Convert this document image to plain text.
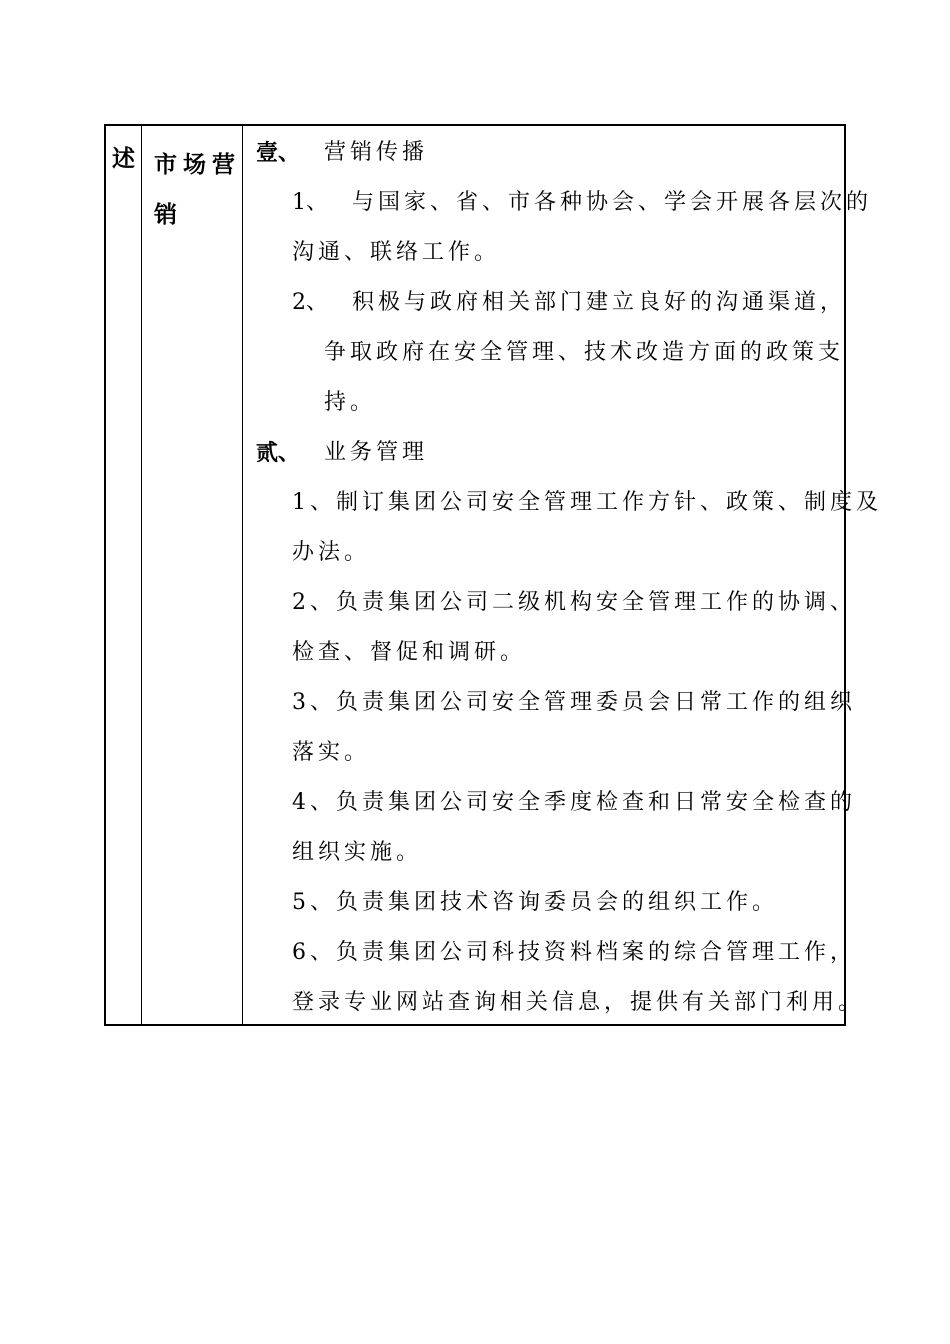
述 市场营
销
壹、 营销传播
1、 与国家、省、市各种协会、学会开展各层次的
沟通、联络工作。
2、 积极与政府相关部门建立良好的沟通渠道，
争取政府在安全管理、技术改造方面的政策支
持。
贰、 业务管理
1、制订集团公司安全管理工作方针、政策、制度及
办法。
2、负责集团公司二级机构安全管理工作的协调、
检查、督促和调研。
3、负责集团公司安全管理委员会日常工作的组织
落实。
4、负责集团公司安全季度检查和日常安全检查的
组织实施。
5、负责集团技术咨询委员会的组织工作。
6、负责集团公司科技资料档案的综合管理工作，
登录专业网站查询相关信息，提供有关部门利用。
